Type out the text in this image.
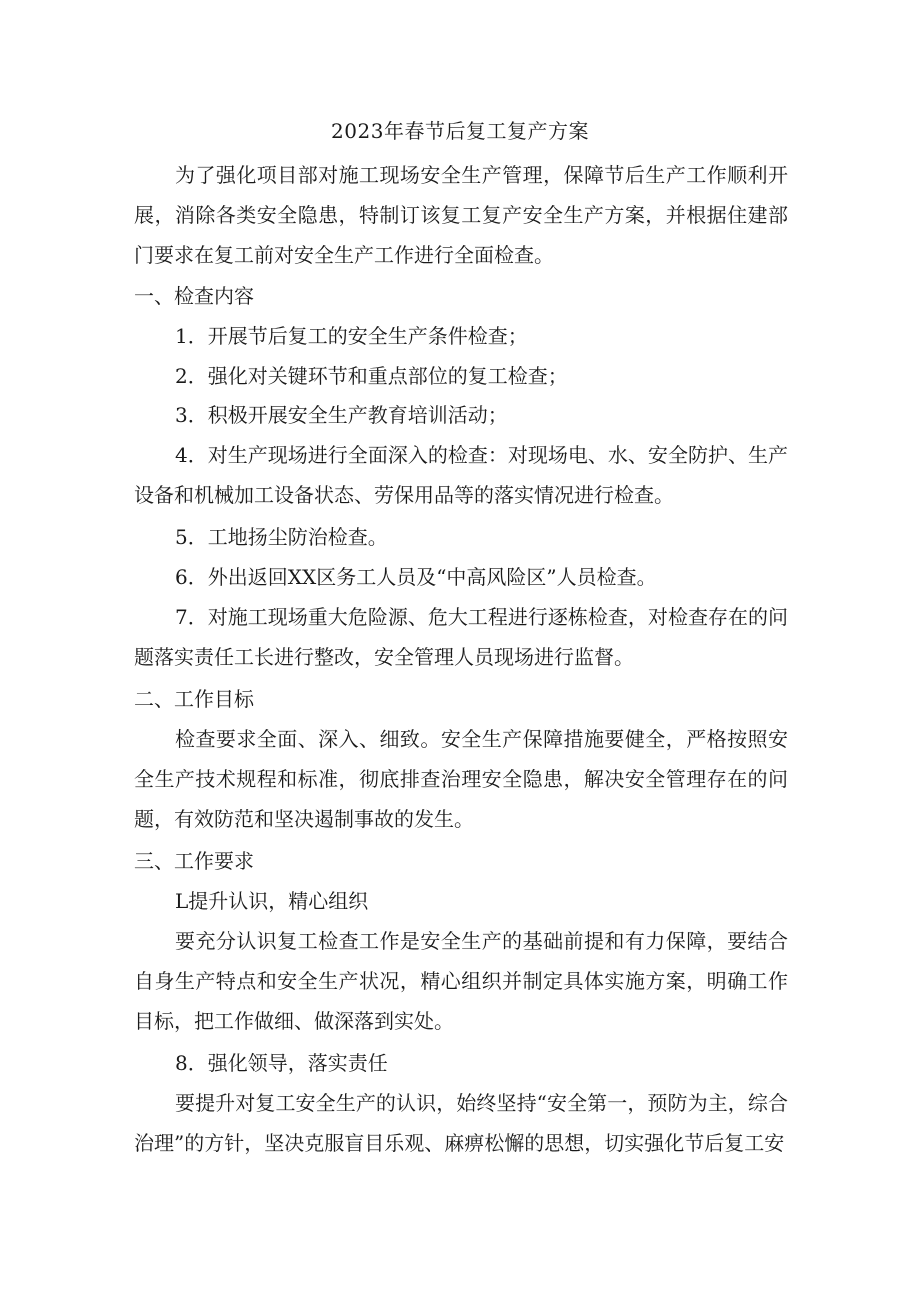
2023年春节后复工复产方案
为了强化项目部对施工现场安全生产管理，保障节后生产工作顺利开展，消除各类安全隐患，特制订该复工复产安全生产方案，并根据住建部门要求在复工前对安全生产工作进行全面检查。
一、检查内容
1．开展节后复工的安全生产条件检查；
2．强化对关键环节和重点部位的复工检查；
3．积极开展安全生产教育培训活动；
4．对生产现场进行全面深入的检查：对现场电、水、安全防护、生产设备和机械加工设备状态、劳保用品等的落实情况进行检查。
5．工地扬尘防治检查。
6．外出返回XX区务工人员及“中高风险区”人员检查。
7．对施工现场重大危险源、危大工程进行逐栋检查，对检查存在的问题落实责任工长进行整改，安全管理人员现场进行监督。
二、工作目标
检查要求全面、深入、细致。安全生产保障措施要健全，严格按照安全生产技术规程和标准，彻底排查治理安全隐患，解决安全管理存在的问题，有效防范和坚决遏制事故的发生。
三、工作要求
L提升认识，精心组织
要充分认识复工检查工作是安全生产的基础前提和有力保障，要结合自身生产特点和安全生产状况，精心组织并制定具体实施方案，明确工作目标，把工作做细、做深落到实处。
8．强化领导，落实责任
要提升对复工安全生产的认识，始终坚持“安全第一，预防为主，综合治理”的方针，坚决克服盲目乐观、麻痹松懈的思想，切实强化节后复工安
